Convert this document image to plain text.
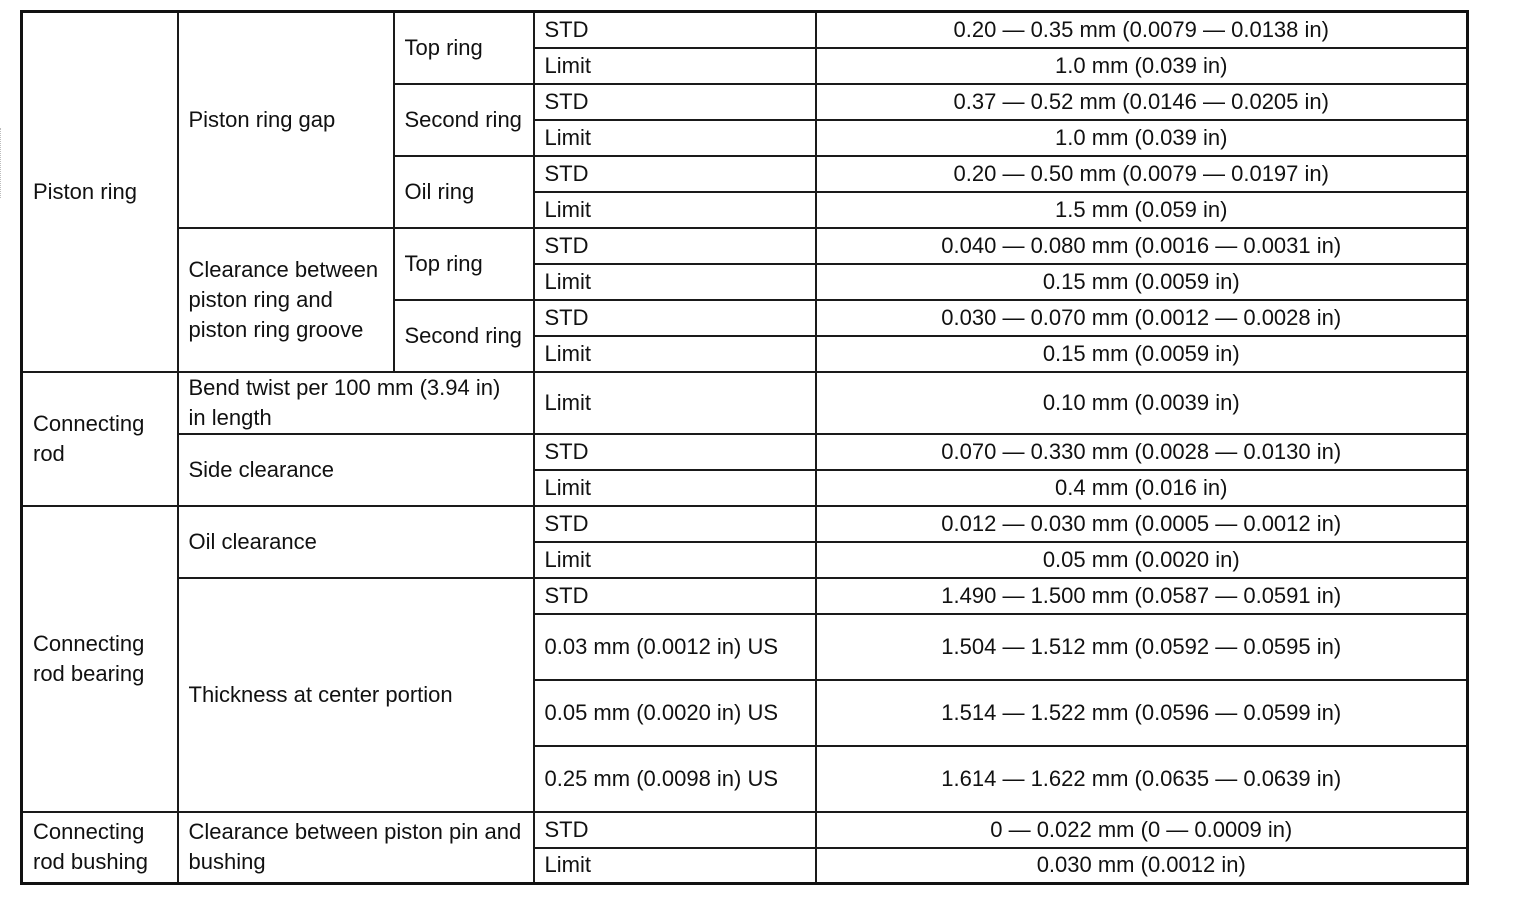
Piston ring	Piston ring gap	Top ring	STD	0.20 — 0.35 mm (0.0079 — 0.0138 in)
			Limit	1.0 mm (0.039 in)
		Second ring	STD	0.37 — 0.52 mm (0.0146 — 0.0205 in)
			Limit	1.0 mm (0.039 in)
		Oil ring	STD	0.20 — 0.50 mm (0.0079 — 0.0197 in)
			Limit	1.5 mm (0.059 in)
	Clearance between piston ring and piston ring groove	Top ring	STD	0.040 — 0.080 mm (0.0016 — 0.0031 in)
			Limit	0.15 mm (0.0059 in)
		Second ring	STD	0.030 — 0.070 mm (0.0012 — 0.0028 in)
			Limit	0.15 mm (0.0059 in)
Connecting rod	Bend twist per 100 mm (3.94 in) in length		Limit	0.10 mm (0.0039 in)
	Side clearance		STD	0.070 — 0.330 mm (0.0028 — 0.0130 in)
			Limit	0.4 mm (0.016 in)
Connecting rod bearing	Oil clearance		STD	0.012 — 0.030 mm (0.0005 — 0.0012 in)
			Limit	0.05 mm (0.0020 in)
	Thickness at center portion		STD	1.490 — 1.500 mm (0.0587 — 0.0591 in)
			0.03 mm (0.0012 in) US	1.504 — 1.512 mm (0.0592 — 0.0595 in)
			0.05 mm (0.0020 in) US	1.514 — 1.522 mm (0.0596 — 0.0599 in)
			0.25 mm (0.0098 in) US	1.614 — 1.622 mm (0.0635 — 0.0639 in)
Connecting rod bushing	Clearance between piston pin and bushing		STD	0 — 0.022 mm (0 — 0.0009 in)
			Limit	0.030 mm (0.0012 in)
